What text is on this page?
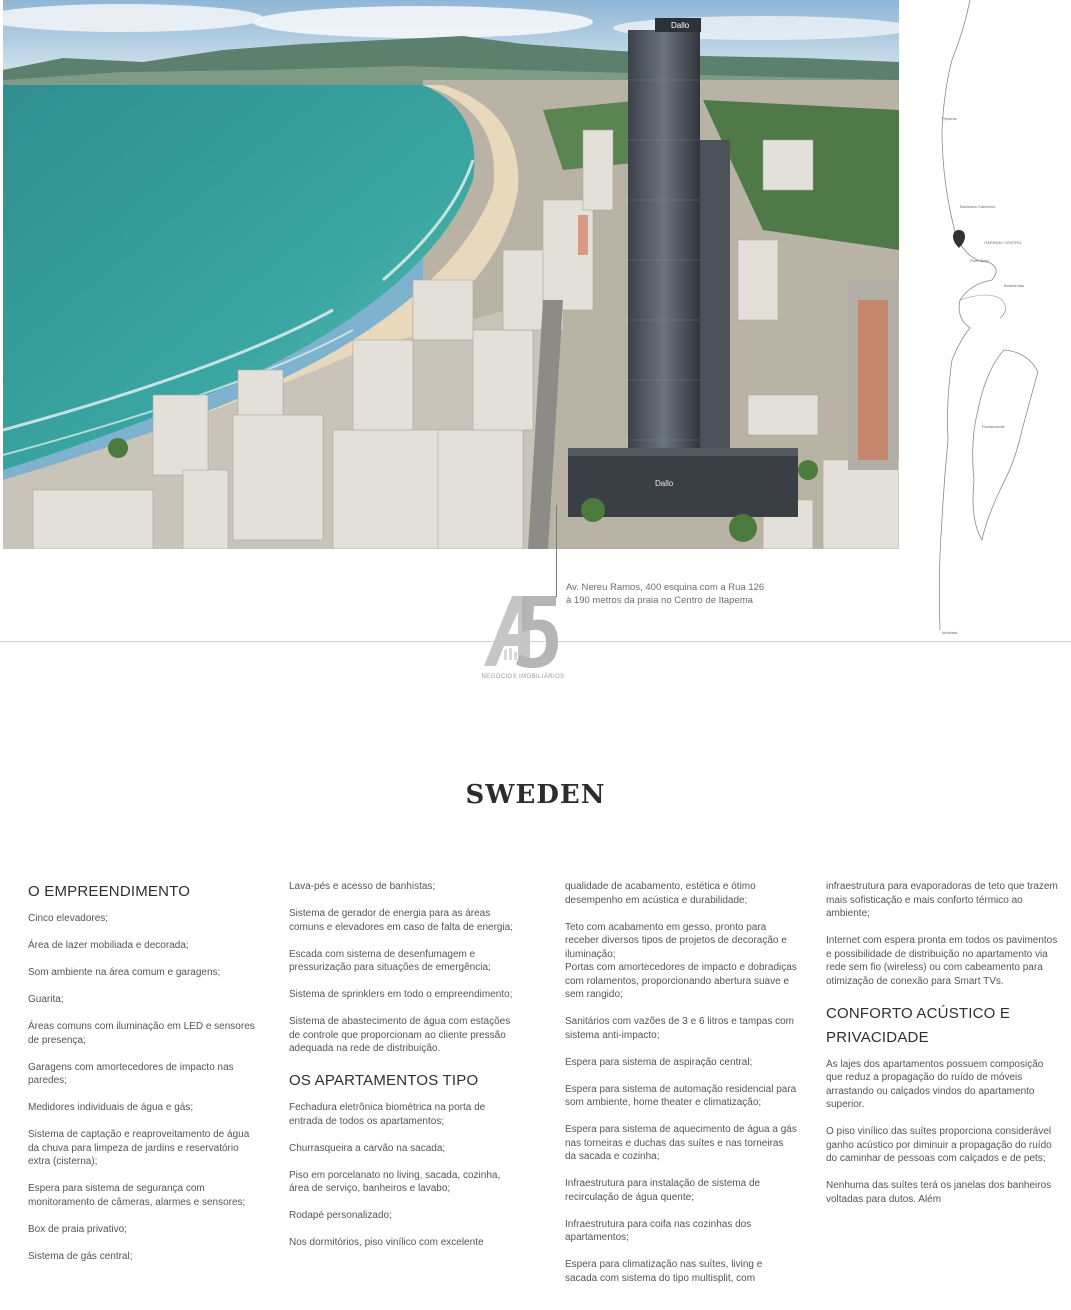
Dallo
Dallo
Av. Nereu Ramos, 400 esquina com a Rua 126
à 190 metros da praia no Centro de Itapema
Piçarras
Balneário Camboriú
ITAPEMA / CENTRO
Porto Belo
Bombinhas
Florianópolis
Imbituba
NEGÓCIOS IMOBILIÁRIOS
SWEDEN
O EMPREENDIMENTO

Cinco elevadores;

Área de lazer mobiliada e decorada;

Som ambiente na área comum e garagens;

Guarita;

Áreas comuns com iluminação em LED e sensores de presença;

Garagens com amortecedores de impacto nas paredes;

Medidores individuais de água e gás;

Sistema de captação e reaproveitamento de água da chuva para limpeza de jardins e reservatório extra (cisterna);

Espera para sistema de segurança com monitoramento de câmeras, alarmes e sensores;

Box de praia privativo;

Sistema de gás central;

Lava-pés e acesso de banhistas;

Sistema de gerador de energia para as áreas comuns e elevadores em caso de falta de energia;

Escada com sistema de desenfumagem e pressurização para situações de emergência;

Sistema de sprinklers em todo o empreendimento;

Sistema de abastecimento de água com estações de controle que proporcionam ao cliente pressão adequada na rede de distribuição.

OS APARTAMENTOS TIPO

Fechadura eletrônica biométrica na porta de entrada de todos os apartamentos;

Churrasqueira a carvão na sacada;

Piso em porcelanato no living, sacada, cozinha, área de serviço, banheiros e lavabo;

Rodapé personalizado;

Nos dormitórios, piso vinílico com excelente

qualidade de acabamento, estética e ótimo desempenho em acústica e durabilidade;

Teto com acabamento em gesso, pronto para receber diversos tipos de projetos de decoração e iluminação;

Portas com amortecedores de impacto e dobradiças com rolamentos, proporcionando abertura suave e sem rangido;

Sanitários com vazões de 3 e 6 litros e tampas com sistema anti-impacto;

Espera para sistema de aspiração central;

Espera para sistema de automação residencial para som ambiente, home theater e climatização;

Espera para sistema de aquecimento de água a gás nas torneiras e duchas das suítes e nas torneiras da sacada e cozinha;

Infraestrutura para instalação de sistema de recirculação de água quente;

Infraestrutura para coifa nas cozinhas dos apartamentos;

Espera para climatização nas suítes, living e sacada com sistema do tipo multisplit, com

infraestrutura para evaporadoras de teto que trazem mais sofisticação e mais conforto térmico ao ambiente;

Internet com espera pronta em todos os pavimentos e possibilidade de distribuição no apartamento via rede sem fio (wireless) ou com cabeamento para otimização de conexão para Smart TVs.

CONFORTO ACÚSTICO E PRIVACIDADE

As lajes dos apartamentos possuem composição que reduz a propagação do ruído de móveis arrastando ou calçados vindos do apartamento superior.

O piso vinílico das suítes proporciona considerável ganho acústico por diminuir a propagação do ruído do caminhar de pessoas com calçados e de pets;

Nenhuma das suítes terá os janelas dos banheiros voltadas para dutos. Além
